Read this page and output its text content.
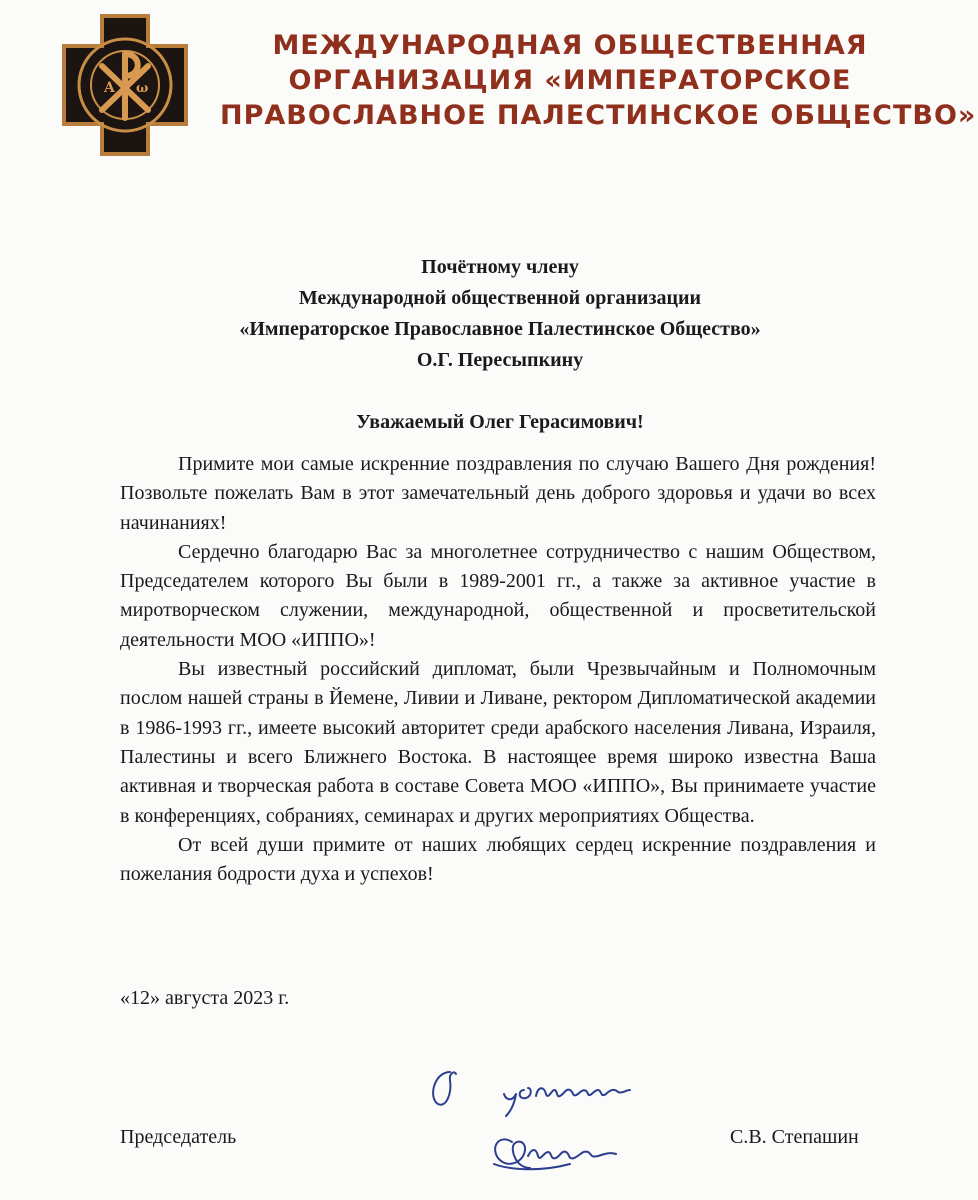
A ω
МЕЖДУНАРОДНАЯ ОБЩЕСТВЕННАЯ
ОРГАНИЗАЦИЯ «ИМПЕРАТОРСКОЕ
ПРАВОСЛАВНОЕ ПАЛЕСТИНСКОЕ ОБЩЕСТВО»
Почётному члену
Международной общественной организации
«Императорское Православное Палестинское Общество»
О.Г. Пересыпкину
Уважаемый Олег Герасимович!

Примите мои самые искренние поздравления по случаю Вашего Дня рождения! Позвольте пожелать Вам в этот замечательный день доброго здоровья и удачи во всех начинаниях!

Сердечно благодарю Вас за многолетнее сотрудничество с нашим Обществом, Председателем которого Вы были в 1989-2001 гг., а также за активное участие в миротворческом служении, международной, общественной и просветительской деятельности МОО «ИППО»!

Вы известный российский дипломат, были Чрезвычайным и Полномочным послом нашей страны в Йемене, Ливии и Ливане, ректором Дипломатической академии в 1986-1993 гг., имеете высокий авторитет среди арабского населения Ливана, Израиля, Палестины и всего Ближнего Востока. В настоящее время широко известна Ваша активная и творческая работа в составе Совета МОО «ИППО», Вы принимаете участие в конференциях, собраниях, семинарах и других мероприятиях Общества.

От всей души примите от наших любящих сердец искренние поздравления и пожелания бодрости духа и успехов!

«12» августа 2023 г.
Председатель	С.В. Степашин
